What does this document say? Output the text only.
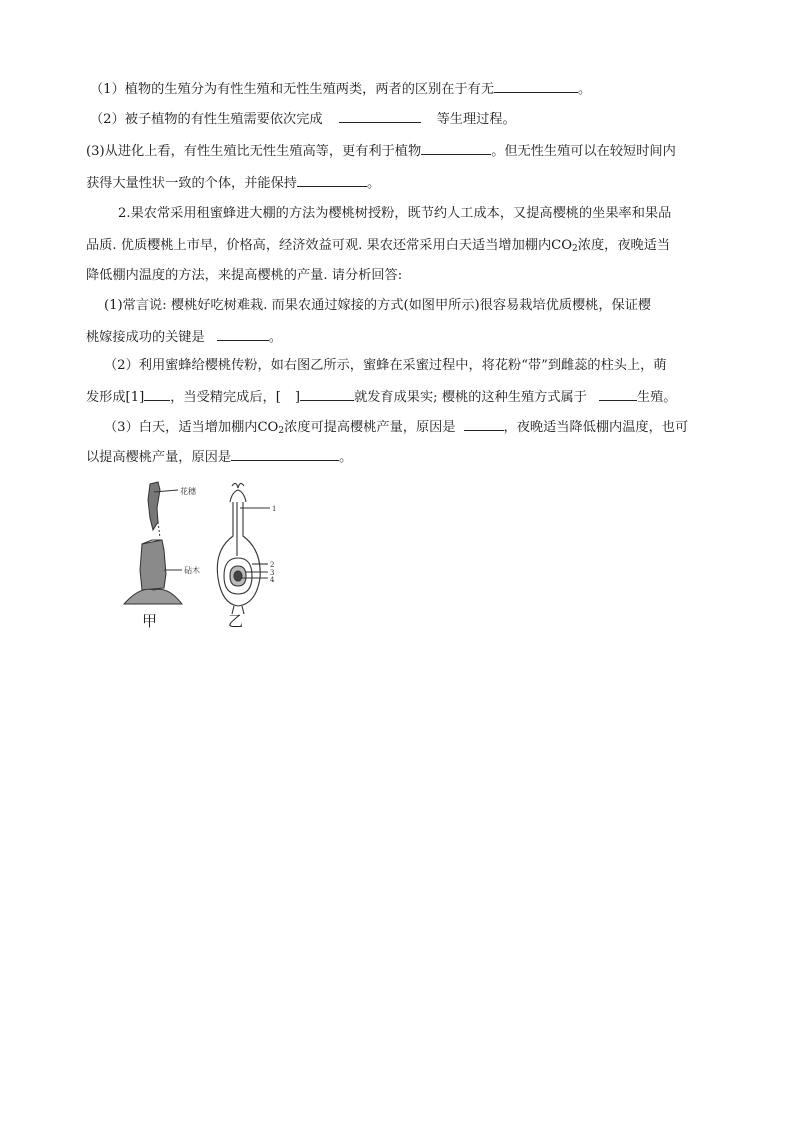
（1）植物的生殖分为有性生殖和无性生殖两类，两者的区别在于有无	。
（2）被子植物的有性生殖需要依次完成	等生理过程。
(3)从进化上看，有性生殖比无性生殖高等，更有利于植物	。但无性生殖可以在较短时间内
获得大量性状一致的个体，并能保持	。
2.果农常采用租蜜蜂进大棚的方法为樱桃树授粉，既节约人工成本，又提高樱桃的坐果率和果品
品质. 优质樱桃上市早，价格高，经济效益可观. 果农还常采用白天适当增加棚内$CO_2$浓度，夜晚适当
降低棚内温度的方法，来提高樱桃的产量. 请分析回答:
(1)常言说: 樱桃好吃树难栽. 而果农通过嫁接的方式(如图甲所示)很容易栽培优质樱桃，保证樱
桃嫁接成功的关键是	。
（2）利用蜜蜂给樱桃传粉，如右图乙所示，蜜蜂在采蜜过程中，将花粉“带”到雌蕊的柱头上，萌
发形成[1] ，当受精完成后，[ ]	就发育成果实; 樱桃的这种生殖方式属于	生殖。
（3）白天，适当增加棚内$CO_2$浓度可提高樱桃产量，原因是	，夜晚适当降低棚内温度，也可
以提高樱桃产量，原因是	。
花穗
砧木
1
2
3
4
甲	乙
